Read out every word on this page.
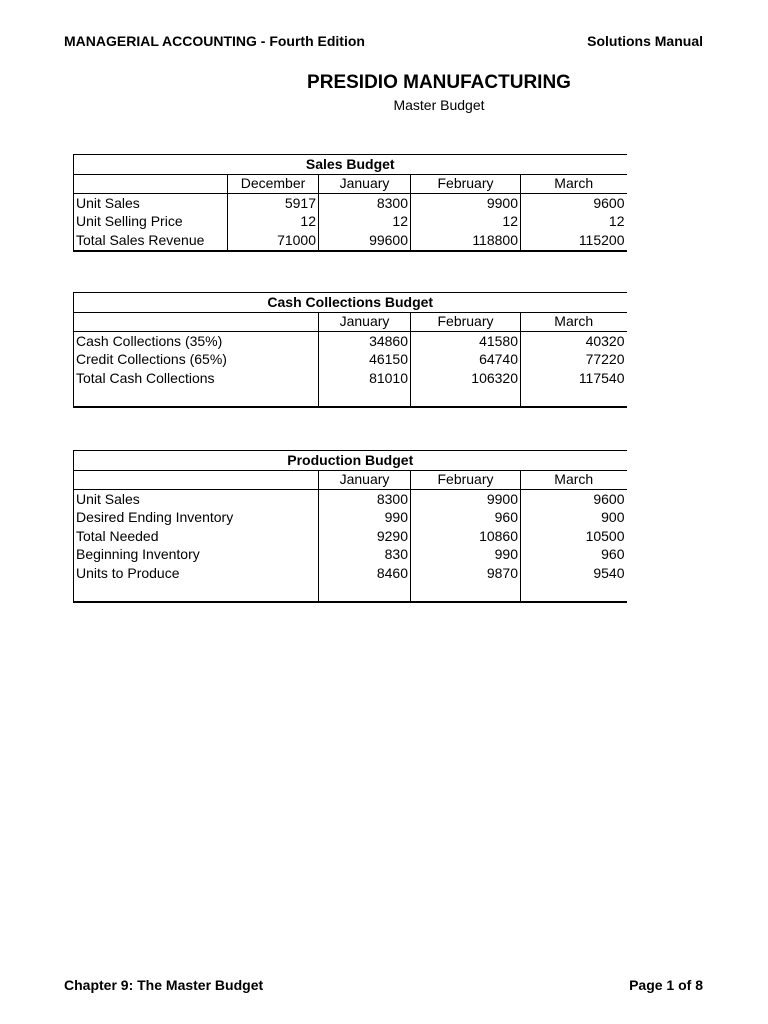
MANAGERIAL ACCOUNTING - Fourth Edition	Solutions Manual
PRESIDIO MANUFACTURING
Master Budget
Sales Budget				
	December	January	February	March
Unit Sales	5917	8300	9900	9600
Unit Selling Price	12	12	12	12
Total Sales Revenue	71000	99600	118800	115200
Cash Collections Budget			
	January	February	March
Cash Collections (35%)	34860	41580	40320
Credit Collections (65%)	46150	64740	77220
Total Cash Collections	81010	106320	117540

Production Budget			
	January	February	March
Unit Sales	8300	9900	9600
Desired Ending Inventory	990	960	900
Total Needed	9290	10860	10500
Beginning Inventory	830	990	960
Units to Produce	8460	9870	9540

Chapter 9: The Master Budget	Page 1 of 8
